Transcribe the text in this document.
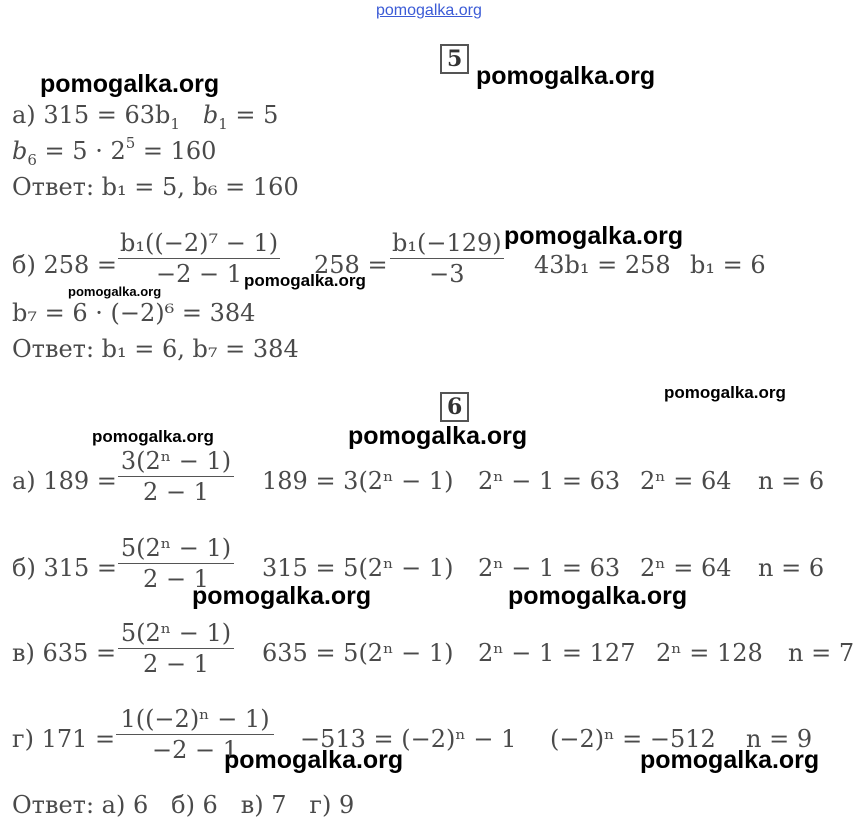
pomogalka.org
5
pomogalka.org	pomogalka.org
а) $315 = 63b_1$ $b_1 = 5$
$b_6 = 5 \cdot 2^5 = 160$
Ответ: b₁ = 5, b₆ = 160
б) $258 = \frac{\text{b₁((−2)⁷ − 1)}}{-2 - 1} 258 = \frac{\text{b₁(−129)}}{-3} 43b_1 = 258$ b₁ = 6
pomogalka.org
pomogalka.org
pomogalka.org
b₇ = 6 · (−2)⁶ = 384
Ответ: b₁ = 6, b₇ = 384
6
pomogalka.org
pomogalka.org	pomogalka.org
а) $189 = \frac{\text{3(2ⁿ − 1)}}{2 - 1} 189 = 3(2^n - 1) 2^n - 1 = 63$ 2ⁿ = 64 n = 6
б) $315 = \frac{\text{5(2ⁿ − 1)}}{2 - 1} 315 = 5(2^n - 1) 2^n - 1 = 63$ 2ⁿ = 64 n = 6
pomogalka.org	pomogalka.org
в) $635 = \frac{\text{5(2ⁿ − 1)}}{2 - 1} 635 = 5(2^n - 1) 2^n - 1 = 127$ 2ⁿ = 128 n = 7
г) $171 = \frac{\text{1((−2)ⁿ − 1)}}{-2 - 1} -513 = (-2)^n - 1$ (−2)ⁿ = −512 n = 9
pomogalka.org	pomogalka.org
Ответ: а) 6   б) 6   в) 7   г) 9
